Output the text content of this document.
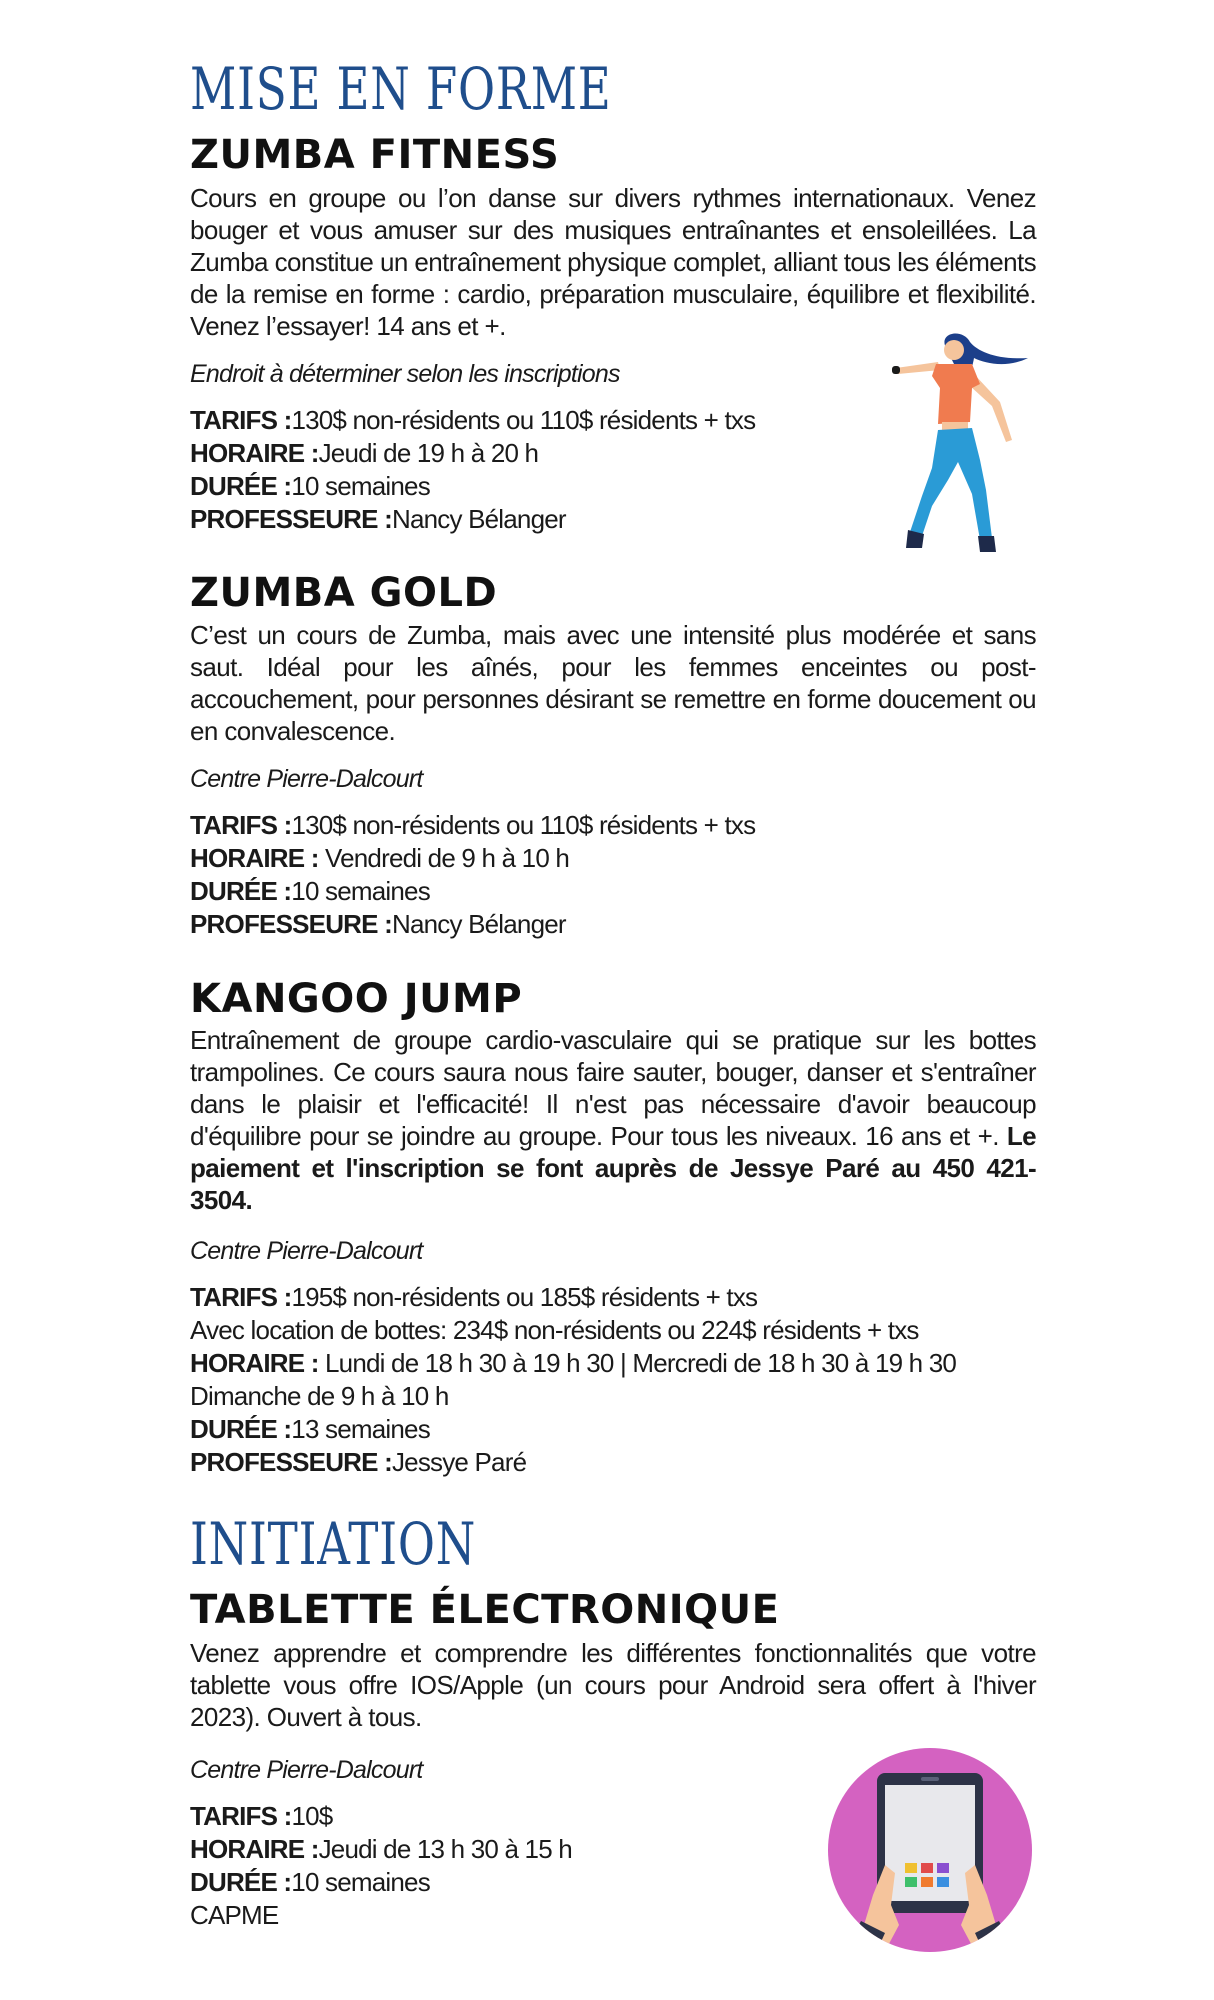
MISE EN FORME
ZUMBA FITNESS

Cours en groupe ou l’on danse sur divers rythmes internationaux. Venez bouger et vous amuser sur des musiques entraînantes et ensoleillées. La Zumba constitue un entraînement physique complet, alliant tous les éléments de la remise en forme : cardio, préparation musculaire, équilibre et flexibilité. Venez l’essayer! 14 ans et +.

Endroit à déterminer selon les inscriptions

TARIFS :130$ non-résidents ou 110$ résidents + txs

HORAIRE :Jeudi de 19 h à 20 h

DURÉE :10 semaines

PROFESSEURE :Nancy Bélanger

ZUMBA GOLD

C’est un cours de Zumba, mais avec une intensité plus modérée et sans saut. Idéal pour les aînés, pour les femmes enceintes ou post-accouchement, pour personnes désirant se remettre en forme doucement ou en convalescence.

Centre Pierre-Dalcourt

TARIFS :130$ non-résidents ou 110$ résidents + txs

HORAIRE : Vendredi de 9 h à 10 h

DURÉE :10 semaines

PROFESSEURE :Nancy Bélanger

KANGOO JUMP

Entraînement de groupe cardio-vasculaire qui se pratique sur les bottes trampolines. Ce cours saura nous faire sauter, bouger, danser et s'entraîner dans le plaisir et l'efficacité! Il n'est pas nécessaire d'avoir beaucoup d'équilibre pour se joindre au groupe. Pour tous les niveaux. 16 ans et +. Le paiement et l'inscription se font auprès de Jessye Paré au 450 421-3504.

Centre Pierre-Dalcourt

TARIFS :195$ non-résidents ou 185$ résidents + txs

Avec location de bottes: 234$ non-résidents ou 224$ résidents + txs

HORAIRE : Lundi de 18 h 30 à 19 h 30 | Mercredi de 18 h 30 à 19 h 30

Dimanche de 9 h à 10 h

DURÉE :13 semaines

PROFESSEURE :Jessye Paré

INITIATION
TABLETTE ÉLECTRONIQUE

Venez apprendre et comprendre les différentes fonctionnalités que votre tablette vous offre IOS/Apple (un cours pour Android sera offert à l'hiver 2023). Ouvert à tous.

Centre Pierre-Dalcourt

TARIFS :10$

HORAIRE :Jeudi de 13 h 30 à 15 h

DURÉE :10 semaines

CAPME
